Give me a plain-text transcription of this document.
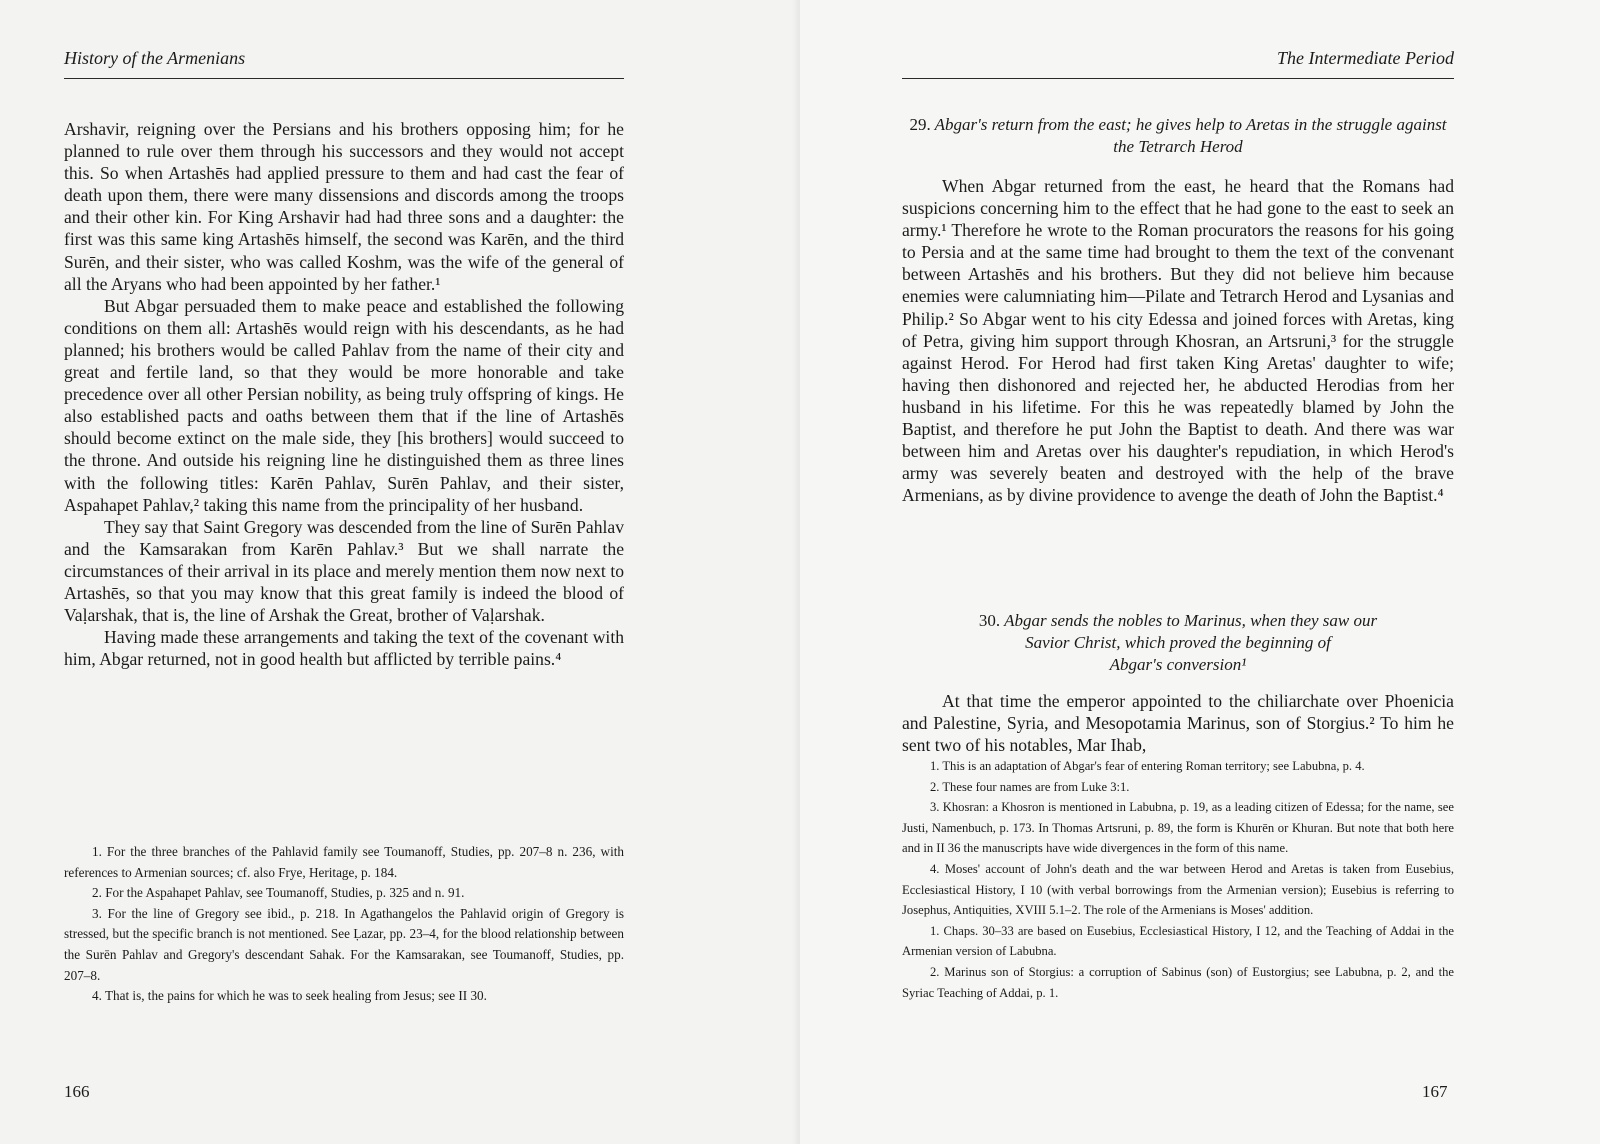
History of the Armenians

Arshavir, reigning over the Persians and his brothers opposing him; for he planned to rule over them through his successors and they would not accept this. So when Artashēs had applied pressure to them and had cast the fear of death upon them, there were many dissensions and discords among the troops and their other kin. For King Arshavir had had three sons and a daughter: the first was this same king Artashēs himself, the second was Karēn, and the third Surēn, and their sister, who was called Koshm, was the wife of the general of all the Aryans who had been appointed by her father.¹

But Abgar persuaded them to make peace and established the following conditions on them all: Artashēs would reign with his descendants, as he had planned; his brothers would be called Pahlav from the name of their city and great and fertile land, so that they would be more honorable and take precedence over all other Persian nobility, as being truly offspring of kings. He also established pacts and oaths between them that if the line of Artashēs should become extinct on the male side, they [his brothers] would succeed to the throne. And outside his reigning line he distinguished them as three lines with the following titles: Karēn Pahlav, Surēn Pahlav, and their sister, Aspahapet Pahlav,² taking this name from the principality of her husband.

They say that Saint Gregory was descended from the line of Surēn Pahlav and the Kamsarakan from Karēn Pahlav.³ But we shall narrate the circumstances of their arrival in its place and merely mention them now next to Artashēs, so that you may know that this great family is indeed the blood of Vaḷarshak, that is, the line of Arshak the Great, brother of Vaḷarshak.

Having made these arrangements and taking the text of the covenant with him, Abgar returned, not in good health but afflicted by terrible pains.⁴

1. For the three branches of the Pahlavid family see Toumanoff, Studies, pp. 207–8 n. 236, with references to Armenian sources; cf. also Frye, Heritage, p. 184.

2. For the Aspahapet Pahlav, see Toumanoff, Studies, p. 325 and n. 91.

3. For the line of Gregory see ibid., p. 218. In Agathangelos the Pahlavid origin of Gregory is stressed, but the specific branch is not mentioned. See Ḷazar, pp. 23–4, for the blood relationship between the Surēn Pahlav and Gregory's descendant Sahak. For the Kamsarakan, see Toumanoff, Studies, pp. 207–8.

4. That is, the pains for which he was to seek healing from Jesus; see II 30.

166
The Intermediate Period
29. Abgar's return from the east; he gives help to Aretas in the struggle against the Tetrarch Herod

When Abgar returned from the east, he heard that the Romans had suspicions concerning him to the effect that he had gone to the east to seek an army.¹ Therefore he wrote to the Roman procurators the reasons for his going to Persia and at the same time had brought to them the text of the convenant between Artashēs and his brothers. But they did not believe him because enemies were calumniating him—Pilate and Tetrarch Herod and Lysanias and Philip.² So Abgar went to his city Edessa and joined forces with Aretas, king of Petra, giving him support through Khosran, an Artsruni,³ for the struggle against Herod. For Herod had first taken King Aretas' daughter to wife; having then dishonored and rejected her, he abducted Herodias from her husband in his lifetime. For this he was repeatedly blamed by John the Baptist, and therefore he put John the Baptist to death. And there was war between him and Aretas over his daughter's repudiation, in which Herod's army was severely beaten and destroyed with the help of the brave Armenians, as by divine providence to avenge the death of John the Baptist.⁴

30. Abgar sends the nobles to Marinus, when they saw our
Savior Christ, which proved the beginning of
Abgar's conversion¹

At that time the emperor appointed to the chiliarchate over Phoenicia and Palestine, Syria, and Mesopotamia Marinus, son of Storgius.² To him he sent two of his notables, Mar Ihab,

1. This is an adaptation of Abgar's fear of entering Roman territory; see Labubna, p. 4.

2. These four names are from Luke 3:1.

3. Khosran: a Khosron is mentioned in Labubna, p. 19, as a leading citizen of Edessa; for the name, see Justi, Namenbuch, p. 173. In Thomas Artsruni, p. 89, the form is Khurēn or Khuran. But note that both here and in II 36 the manuscripts have wide divergences in the form of this name.

4. Moses' account of John's death and the war between Herod and Aretas is taken from Eusebius, Ecclesiastical History, I 10 (with verbal borrowings from the Armenian version); Eusebius is referring to Josephus, Antiquities, XVIII 5.1–2. The role of the Armenians is Moses' addition.

1. Chaps. 30–33 are based on Eusebius, Ecclesiastical History, I 12, and the Teaching of Addai in the Armenian version of Labubna.

2. Marinus son of Storgius: a corruption of Sabinus (son) of Eustorgius; see Labubna, p. 2, and the Syriac Teaching of Addai, p. 1.

167
